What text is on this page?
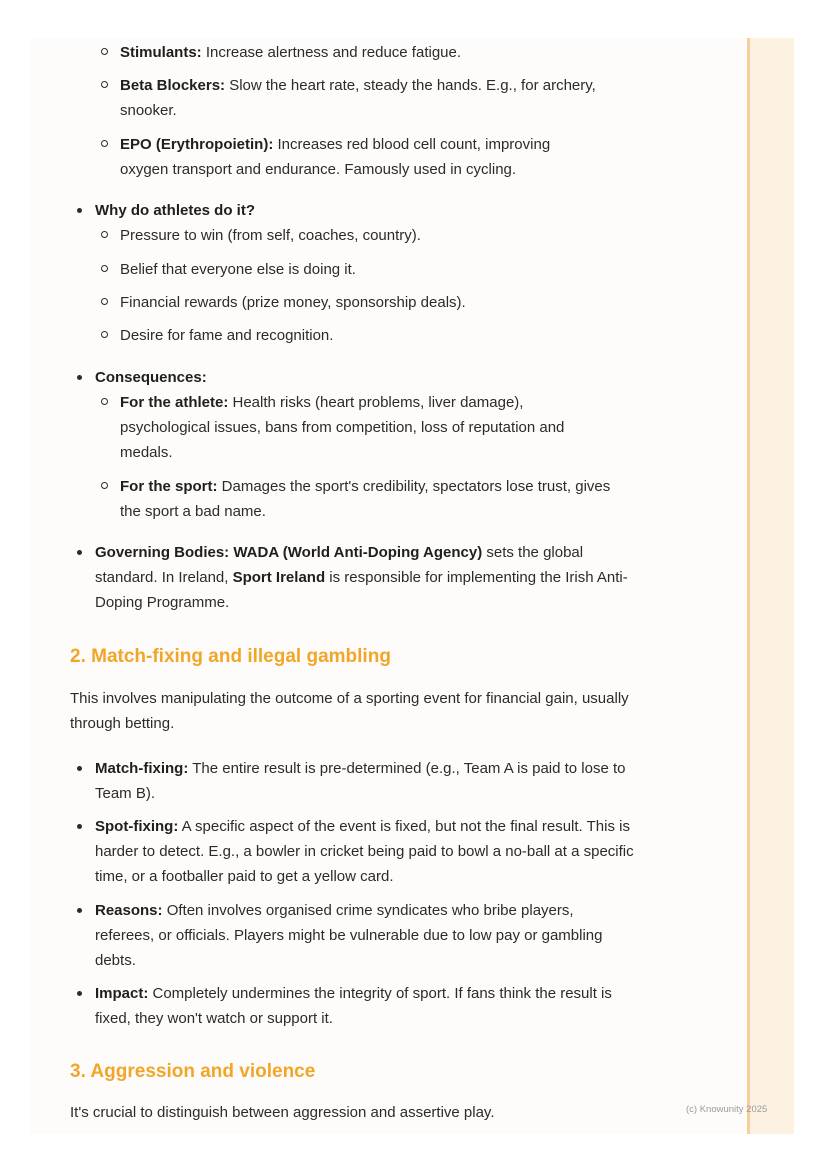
Stimulants: Increase alertness and reduce fatigue.
Beta Blockers: Slow the heart rate, steady the hands. E.g., for archery, snooker.
EPO (Erythropoietin): Increases red blood cell count, improving oxygen transport and endurance. Famously used in cycling.
Why do athletes do it?
Pressure to win (from self, coaches, country).
Belief that everyone else is doing it.
Financial rewards (prize money, sponsorship deals).
Desire for fame and recognition.
Consequences:
For the athlete: Health risks (heart problems, liver damage), psychological issues, bans from competition, loss of reputation and medals.
For the sport: Damages the sport's credibility, spectators lose trust, gives the sport a bad name.
Governing Bodies: WADA (World Anti-Doping Agency) sets the global standard. In Ireland, Sport Ireland is responsible for implementing the Irish Anti-Doping Programme.
2. Match-fixing and illegal gambling
This involves manipulating the outcome of a sporting event for financial gain, usually through betting.
Match-fixing: The entire result is pre-determined (e.g., Team A is paid to lose to Team B).
Spot-fixing: A specific aspect of the event is fixed, but not the final result. This is harder to detect. E.g., a bowler in cricket being paid to bowl a no-ball at a specific time, or a footballer paid to get a yellow card.
Reasons: Often involves organised crime syndicates who bribe players, referees, or officials. Players might be vulnerable due to low pay or gambling debts.
Impact: Completely undermines the integrity of sport. If fans think the result is fixed, they won't watch or support it.
3. Aggression and violence
It's crucial to distinguish between aggression and assertive play.	(c) Knowunity 2025
